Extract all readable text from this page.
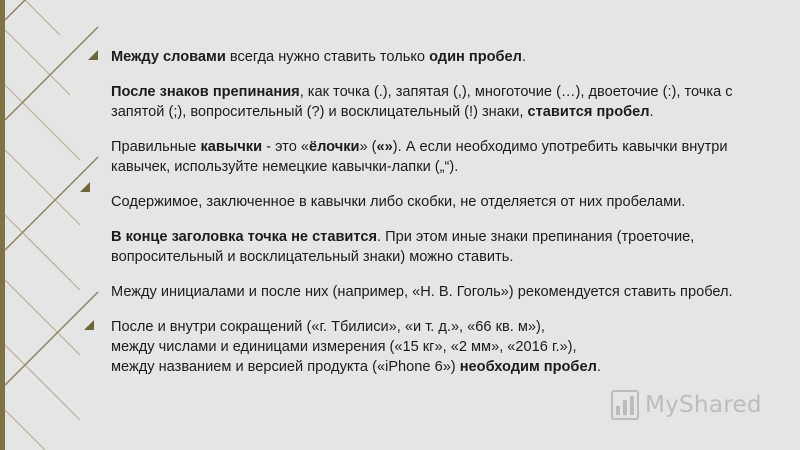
Между словами всегда нужно ставить только один пробел.

После знаков препинания, как точка (.), запятая (,), многоточие (…), двоеточие (:), точка с запятой (;), вопросительный (?) и восклицательный (!) знаки, ставится пробел.

Правильные кавычки - это «ёлочки» («»). А если необходимо употребить кавычки внутри кавычек, используйте немецкие кавычки-лапки („“).

Содержимое, заключенное в кавычки либо скобки, не отделяется от них пробелами.

В конце заголовка точка не ставится. При этом иные знаки препинания (троеточие, вопросительный и восклицательный знаки) можно ставить.

Между инициалами и после них (например, «Н. В. Гоголь») рекомендуется ставить пробел.

После и внутри сокращений («г. Тбилиси», «и т. д.», «66 кв. м»),
между числами и единицами измерения («15 кг», «2 мм», «2016 г.»),
между названием и версией продукта («iPhone 6») необходим пробел.

MyShared
